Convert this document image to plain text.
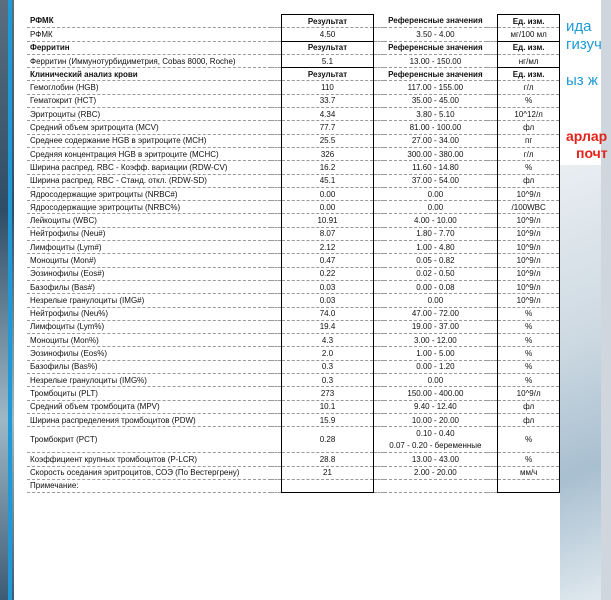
ида
гизуч
ыз ж
арлар
почт
РФМК		Результат		Референсные значения		Ед. изм.
РФМК		4.50		3.50 - 4.00		мг/100 мл
Ферритин		Результат		Референсные значения		Ед. изм.
Ферритин (Иммунотурбидиметрия, Cobas 8000, Roche)		5.1		13.00 - 150.00		нг/мл
Клинический анализ крови		Результат		Референсные значения		Ед. изм.
Гемоглобин (HGB)		110		117.00 - 155.00		г/л
Гематокрит (HCT)		33.7		35.00 - 45.00		%
Эритроциты (RBC)		4.34		3.80 - 5.10		10^12/л
Средний объем эритроцита (MCV)		77.7		81.00 - 100.00		фл
Среднее содержание HGB в эритроците (MCH)		25.5		27.00 - 34.00		пг
Средняя концентрация HGB в эритроците (MCHC)		326		300.00 - 380.00		г/л
Ширина распред. RBC - Коэфф. вариации (RDW-CV)		16.2		11.60 - 14.80		%
Ширина распред. RBC - Станд. откл. (RDW-SD)		45.1		37.00 - 54.00		фл
Ядросодержащие эритроциты (NRBC#)		0.00		0.00		10^9/л
Ядросодержащие эритроциты (NRBC%)		0.00		0.00		/100WBC
Лейкоциты (WBC)		10.91		4.00 - 10.00		10^9/л
Нейтрофилы (Neu#)		8.07		1.80 - 7.70		10^9/л
Лимфоциты (Lym#)		2.12		1.00 - 4.80		10^9/л
Моноциты (Mon#)		0.47		0.05 - 0.82		10^9/л
Эозинофилы (Eos#)		0.22		0.02 - 0.50		10^9/л
Базофилы (Bas#)		0.03		0.00 - 0.08		10^9/л
Незрелые гранулоциты (IMG#)		0.03		0.00		10^9/л
Нейтрофилы (Neu%)		74.0		47.00 - 72.00		%
Лимфоциты (Lym%)		19.4		19.00 - 37.00		%
Моноциты (Mon%)		4.3		3.00 - 12.00		%
Эозинофилы (Eos%)		2.0		1.00 - 5.00		%
Базофилы (Bas%)		0.3		0.00 - 1.20		%
Незрелые гранулоциты (IMG%)		0.3		0.00		%
Тромбоциты (PLT)		273		150.00 - 400.00		10^9/л
Средний объем тромбоцита (MPV)		10.1		9.40 - 12.40		фл
Ширина распределения тромбоцитов (PDW)		15.9		10.00 - 20.00		фл
Тромбокрит (PCT)		0.28		0.10 - 0.40
0.07 - 0.20 - беременные		%
Коэффициент крупных тромбоцитов (P-LCR)		28.8		13.00 - 43.00		%
Скорость оседания эритроцитов, СОЭ (По Вестергрену)		21		2.00 - 20.00		мм/ч
Примечание:						
